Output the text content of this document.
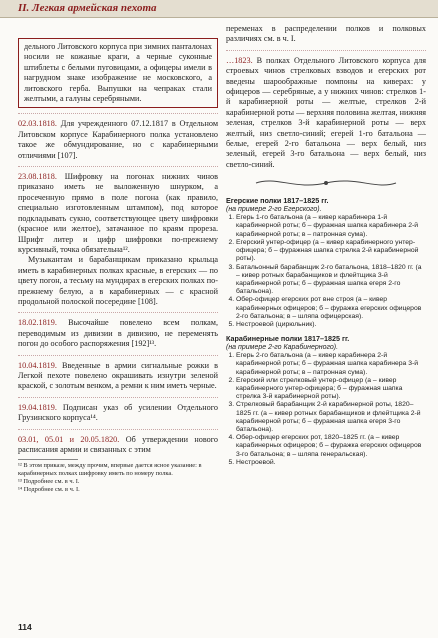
II. Легкая армейская пехота

дельного Литовского корпуса при зимних панталонах носили не кожаные краги, а черные суконные штиблеты с белыми пуговицами, а офицеры имели в нагрудном знаке изображение не московского, а литовского герба. Выпушки на чепраках стали желтыми, а галуны серебряными.

02.03.1818. Для учрежденного 07.12.1817 в Отдельном Литовском корпусе Карабинерного полка установлено такое же обмундирование, но с карабинерными отличиями [107].

23.08.1818. Шифровку на погонах нижних чинов приказано иметь не выложенную шнурком, а просеченную прямо в поле погона (как правило, специально изготовленным штампом), под которое подкладывать сукно, соответствующее цвету шифровки (красное или желтое), затачанное по краям прореза. Шрифт литер и цифр шифровки по-прежнему курсивный, точка обязательна¹².

Музыкантам и барабанщикам приказано крыльца иметь в карабинерных полках красные, в егерских — по цвету погон, а тесьму на мундирах в егерских полках по-прежнему белую, а в карабинерных — с красной продольной полоской посередине [108].

18.02.1819. Высочайше повелено всем полкам, переводимым из дивизии в дивизию, не переменять погон до особого распоряжения [192]¹³.

10.04.1819. Введенные в армии сигнальные рожки в Легкой пехоте повелено окрашивать изнутри зеленой краской, с золотым венком, а ремни к ним иметь черные.

19.04.1819. Подписан указ об усилении Отдельного Грузинского корпуса¹⁴.

03.01, 05.01 и 20.05.1820. Об утверждении нового расписания армии и связанных с этим

¹² В этом приказе, между прочим, впервые дается ясное указание: в карабинерных полках шифровку иметь по номеру полка.

¹³ Подробнее см. в ч. I.

¹⁴ Подробнее см. в ч. I.

переменах в распределении полков и полковых различиях см. в ч. I.

…1823. В полках Отдельного Литовского корпуса для строевых чинов стрелковых взводов и егерских рот введены шароображные помпоны на киверах: у офицеров — серебряные, а у нижних чинов: стрелков 1-й карабинерной роты — желтые, стрелков 2-й карабинерной роты — верхняя половина желтая, нижняя зеленая, стрелков 3-й карабинерной роты — верх желтый, низ светло-синий; егерей 1-го батальона — белые, егерей 2-го батальона — верх белый, низ зеленый, егерей 3-го батальона — верх белый, низ светло-синий.

Егерские полки 1817–1825 гг.
(на примере 2-го Егерского).
1. Егерь 1-го батальона (а – кивер карабинера 1-й карабинерной роты; б – фуражная шапка карабинера 2-й карабинерной роты; в – патронная сума).
2. Егерский унтер-офицер (а – кивер карабинерного унтер-офицера; б – фуражная шапка стрелка 2-й карабинерной роты).
3. Батальонный барабанщик 2-го батальона, 1818–1820 гг. (а – кивер ротных барабанщиков и флейтщика 3-й карабинерной роты; б – фуражная шапка егеря 2-го батальона).
4. Обер-офицер егерских рот вне строя (а – кивер карабинерных офицеров; б – фуражка егерских офицеров 2-го батальона; в – шляпа офицерская).
5. Нестроевой (цирюльник).
Карабинерные полки 1817–1825 гг.
(на примере 2-го Карабинерного).
1. Егерь 2-го батальона (а – кивер карабинера 2-й карабинерной роты; б – фуражная шапка карабинера 3-й карабинерной роты; в – патронная сума).
2. Егерский или стрелковый унтер-офицер (а – кивер карабинерного унтер-офицера; б – фуражная шапка стрелка 3-й карабинерной роты).
3. Стрелковый барабанщик 2-й карабинерной роты, 1820–1825 гг. (а – кивер ротных барабанщиков и флейтщика 2-й карабинерной роты; б – фуражная шапка егеря 3-го батальона).
4. Обер-офицер егерских рот, 1820–1825 гг. (а – кивер карабинерных офицеров; б – фуражка егерских офицеров 3-го батальона; в – шляпа генеральская).
5. Нестроевой.
114
